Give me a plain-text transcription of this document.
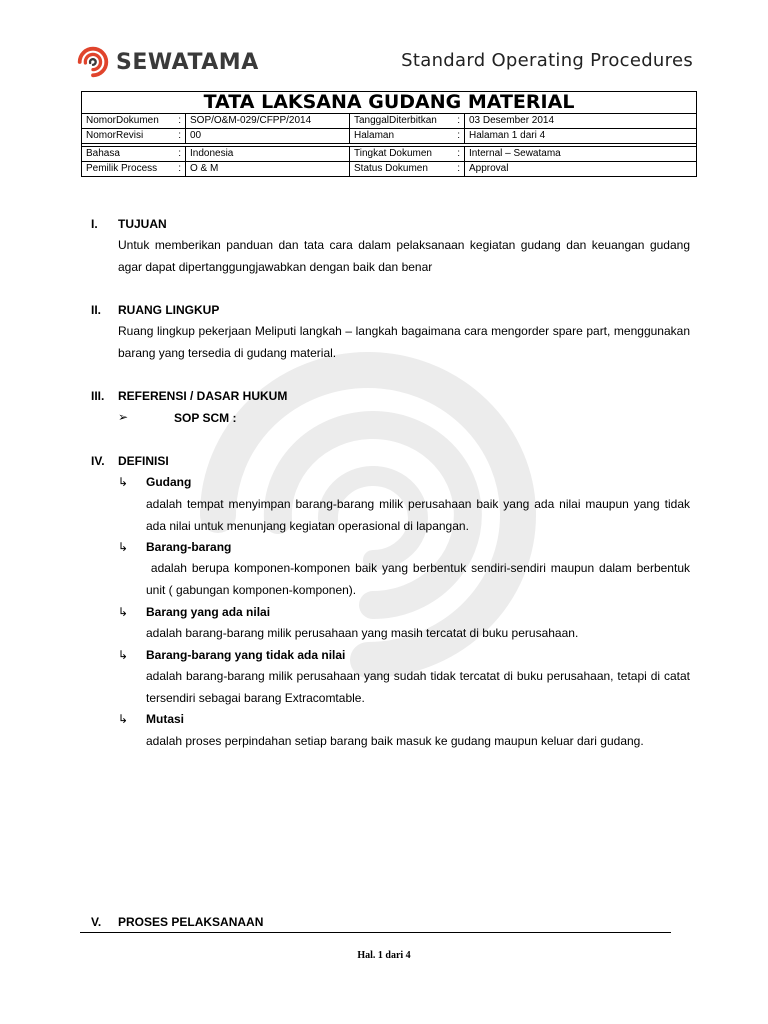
SEWATAMA	Standard Operating Procedures
TATA LAKSANA GUDANG MATERIAL			

NomorDokumen :	SOP/O&M-029/CFPP/2014	TanggalDiterbitkan :	03 Desember 2014

NomorRevisi :	00	Halaman :	Halaman 1 dari 4

Bahasa :	Indonesia	Tingkat Dokumen :	Internal – Sewatama

Pemilik Process :	O & M	Status Dokumen :	Approval
I. TUJUAN
Untuk memberikan panduan dan tata cara dalam pelaksanaan kegiatan gudang dan keuangan gudang agar dapat dipertanggungjawabkan dengan baik dan benar
II. RUANG LINGKUP
Ruang lingkup pekerjaan Meliputi langkah – langkah bagaimana cara mengorder spare part, menggunakan barang yang tersedia di gudang material.
III. REFERENSI / DASAR HUKUM
➢	SOP SCM :
IV. DEFINISI
↳ Gudang
adalah tempat menyimpan barang-barang milik perusahaan baik yang ada nilai maupun yang tidak ada nilai untuk menunjang kegiatan operasional di lapangan.
↳ Barang-barang
adalah berupa komponen-komponen baik yang berbentuk sendiri-sendiri maupun dalam berbentuk unit ( gabungan komponen-komponen).
↳ Barang yang ada nilai
adalah barang-barang milik perusahaan yang masih tercatat di buku perusahaan.
↳ Barang-barang yang tidak ada nilai
adalah barang-barang milik perusahaan yang sudah tidak tercatat di buku perusahaan, tetapi di catat tersendiri sebagai barang Extracomtable.
↳ Mutasi
adalah proses perpindahan setiap barang baik masuk ke gudang maupun keluar dari gudang.
V. PROSES PELAKSANAAN
Hal. 1 dari 4
